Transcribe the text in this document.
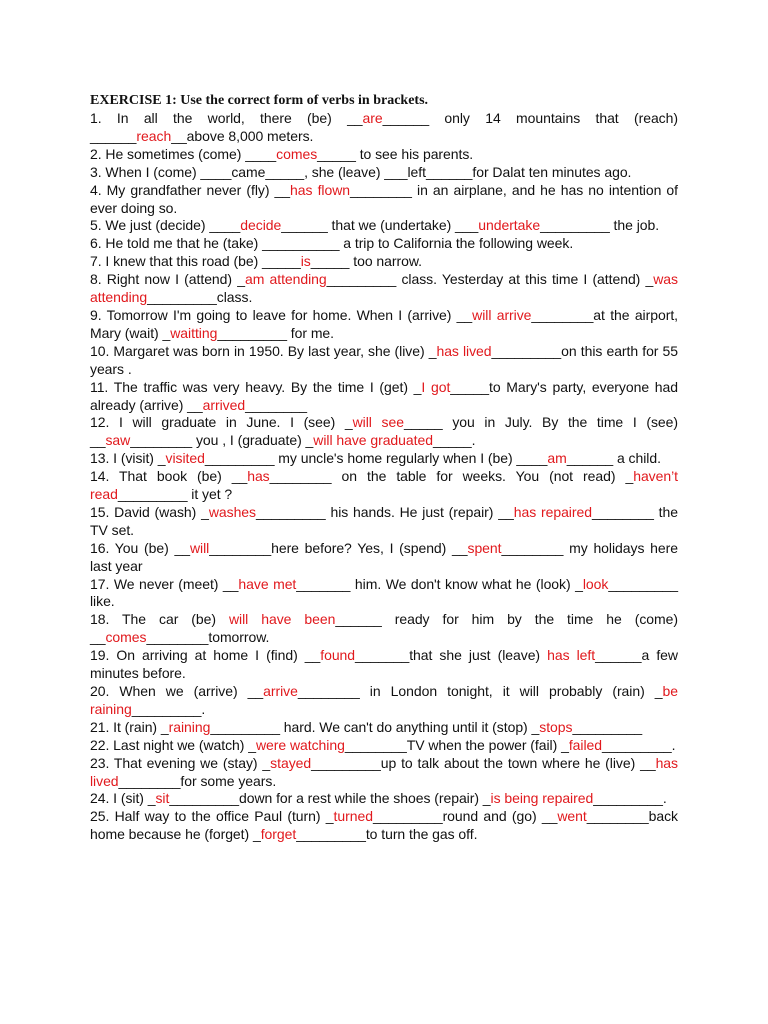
EXERCISE 1: Use the correct form of verbs in brackets.

1. In all the world, there (be) __are______ only 14 mountains that (reach) ______reach__above 8,000 meters.

2. He sometimes (come) ____comes_____ to see his parents.

3. When I (come) ____came_____, she (leave) ___left______for Dalat ten minutes ago.

4. My grandfather never (fly) __has flown________ in an airplane, and he has no intention of ever doing so.

5. We just (decide) ____decide______ that we (undertake) ___undertake_________ the job.

6. He told me that he (take) __________ a trip to California the following week.

7. I knew that this road (be) _____is_____ too narrow.

8. Right now I (attend) _am attending_________ class. Yesterday at this time I (attend) _was attending_________class.

9. Tomorrow I'm going to leave for home. When I (arrive) __will arrive________at the airport, Mary (wait) _waitting_________ for me.

10. Margaret was born in 1950. By last year, she (live) _has lived_________on this earth for 55 years .

11. The traffic was very heavy. By the time I (get) _I got_____to Mary's party, everyone had already (arrive) __arrived________

12. I will graduate in June. I (see) _will see_____ you in July. By the time I (see) __saw________ you , I (graduate) _will have graduated_____.

13. I (visit) _visited_________ my uncle's home regularly when I (be) ____am______ a child.

14. That book (be) __has________ on the table for weeks. You (not read) _haven’t read_________ it yet ?

15. David (wash) _washes_________ his hands. He just (repair) __has repaired________ the TV set.

16. You (be) __will________here before? Yes, I (spend) __spent________ my holidays here last year

17. We never (meet) __have met_______ him. We don't know what he (look) _look_________ like.

18. The car (be) will have been______ ready for him by the time he (come) __comes________tomorrow.

19. On arriving at home I (find) __found_______that she just (leave) has left______a few minutes before.

20. When we (arrive) __arrive________ in London tonight, it will probably (rain) _be raining_________.

21. It (rain) _raining_________ hard. We can't do anything until it (stop) _stops_________

22. Last night we (watch) _were watching________TV when the power (fail) _failed_________.

23. That evening we (stay) _stayed_________up to talk about the town where he (live) __has lived________for some years.

24. I (sit) _sit_________down for a rest while the shoes (repair) _is being repaired_________.

25. Half way to the office Paul (turn) _turned_________round and (go) __went________back home because he (forget) _forget_________to turn the gas off.
